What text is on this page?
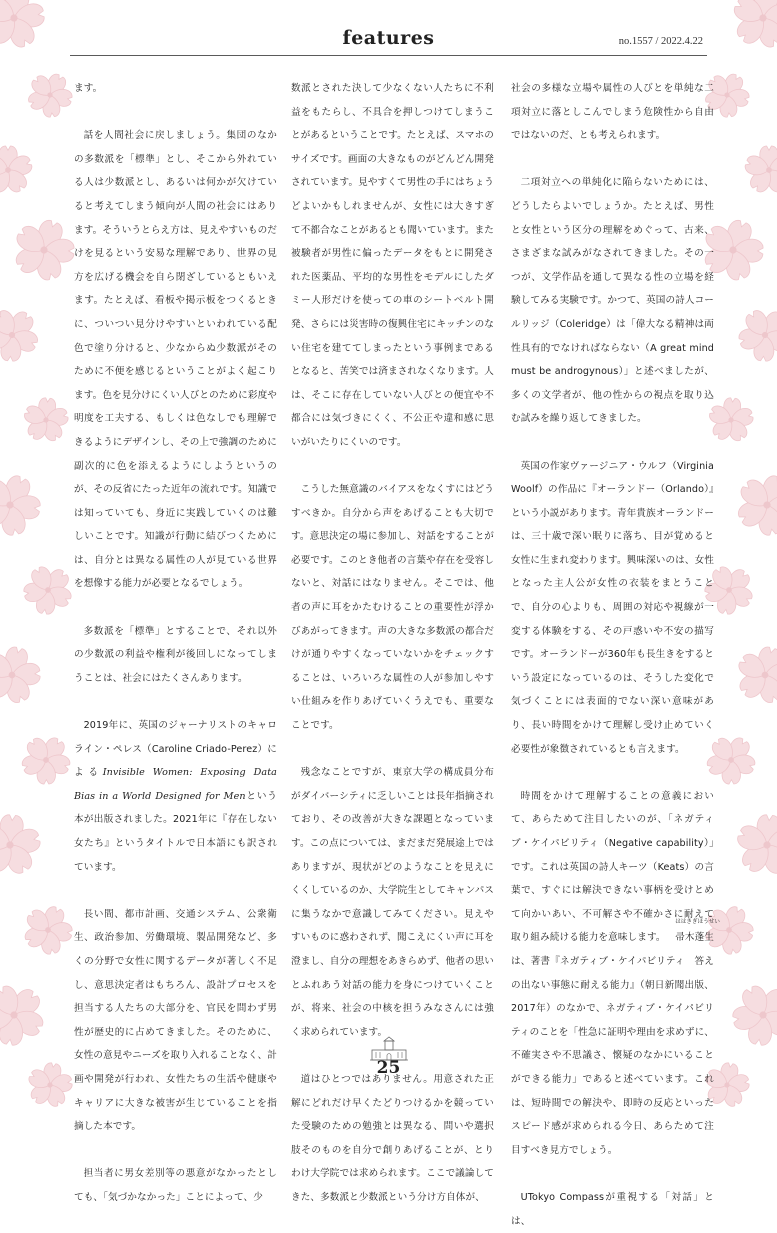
features	no.1557 / 2022.4.22

ます。

話を人間社会に戻しましょう。集団のなかの多数派を「標準」とし、そこから外れている人は少数派とし、あるいは何かが欠けていると考えてしまう傾向が人間の社会にはあります。そういうとらえ方は、見えやすいものだけを見るという安易な理解であり、世界の見方を広げる機会を自ら閉ざしているともいえます。たとえば、看板や掲示板をつくるときに、ついつい見分けやすいといわれている配色で塗り分けると、少なからぬ少数派がそのために不便を感じるということがよく起こります。色を見分けにくい人びとのために彩度や明度を工夫する、もしくは色なしでも理解できるようにデザインし、その上で強調のために副次的に色を添えるようにしようというのが、その反省にたった近年の流れです。知識では知っていても、身近に実践していくのは難しいことです。知識が行動に結びつくためには、自分とは異なる属性の人が見ている世界を想像する能力が必要となるでしょう。

多数派を「標準」とすることで、それ以外の少数派の利益や権利が後回しになってしまうことは、社会にはたくさんあります。

2019年に、英国のジャーナリストのキャロライン・ペレス（Caroline Criado-Perez）によるInvisible Women: Exposing Data Bias in a World Designed for Menという本が出版されました。2021年に『存在しない女たち』というタイトルで日本語にも訳されています。

長い間、都市計画、交通システム、公衆衛生、政治参加、労働環境、製品開発など、多くの分野で女性に関するデータが著しく不足し、意思決定者はもちろん、設計プロセスを担当する人たちの大部分を、官民を問わず男性が歴史的に占めてきました。そのために、女性の意見やニーズを取り入れることなく、計画や開発が行われ、女性たちの生活や健康やキャリアに大きな被害が生じていることを指摘した本です。

担当者に男女差別等の悪意がなかったとしても、「気づかなかった」ことによって、少

数派とされた決して少なくない人たちに不利益をもたらし、不具合を押しつけてしまうことがあるということです。たとえば、スマホのサイズです。画面の大きなものがどんどん開発されています。見やすくて男性の手にはちょうどよいかもしれませんが、女性には大きすぎて不都合なことがあるとも聞いています。また被験者が男性に偏ったデータをもとに開発された医薬品、平均的な男性をモデルにしたダミー人形だけを使っての車のシートベルト開発、さらには災害時の復興住宅にキッチンのない住宅を建ててしまったという事例まであるとなると、苦笑では済まされなくなります。人は、そこに存在していない人びとの便宜や不都合には気づきにくく、不公正や違和感に思いがいたりにくいのです。

こうした無意識のバイアスをなくすにはどうすべきか。自分から声をあげることも大切です。意思決定の場に参加し、対話をすることが必要です。このとき他者の言葉や存在を受容しないと、対話にはなりません。そこでは、他者の声に耳をかたむけることの重要性が浮かびあがってきます。声の大きな多数派の都合だけが通りやすくなっていないかをチェックすることは、いろいろな属性の人が参加しやすい仕組みを作りあげていくうえでも、重要なことです。

残念なことですが、東京大学の構成員分布がダイバーシティに乏しいことは長年指摘されており、その改善が大きな課題となっています。この点については、まだまだ発展途上ではありますが、現状がどのようなことを見えにくくしているのか、大学院生としてキャンパスに集うなかで意識してみてください。見えやすいものに惑わされず、聞こえにくい声に耳を澄まし、自分の理想をあきらめず、他者の思いとふれあう対話の能力を身につけていくことが、将来、社会の中核を担うみなさんには強く求められています。

道はひとつではありません。用意された正解にどれだけ早くたどりつけるかを競っていた受験のための勉強とは異なる、問いや選択肢そのものを自分で創りあげることが、とりわけ大学院では求められます。ここで議論してきた、多数派と少数派という分け方自体が、

社会の多様な立場や属性の人びとを単純な二項対立に落としこんでしまう危険性から自由ではないのだ、とも考えられます。

二項対立への単純化に陥らないためには、どうしたらよいでしょうか。たとえば、男性と女性という区分の理解をめぐって、古来、さまざまな試みがなされてきました。その一つが、文学作品を通して異なる性の立場を経験してみる実験です。かつて、英国の詩人コールリッジ（Coleridge）は「偉大なる精神は両性具有的でなければならない（A great mind must be androgynous）」と述べましたが、多くの文学者が、他の性からの視点を取り込む試みを繰り返してきました。

英国の作家ヴァージニア・ウルフ（Virginia Woolf）の作品に『オーランドー（Orlando）』という小説があります。青年貴族オーランドーは、三十歳で深い眠りに落ち、目が覚めると女性に生まれ変わります。興味深いのは、女性となった主人公が女性の衣装をまとうことで、自分の心よりも、周囲の対応や視線が一変する体験をする、その戸惑いや不安の描写です。オーランドーが360年も長生きをするという設定になっているのは、そうした変化で気づくことには表面的でない深い意味があり、長い時間をかけて理解し受け止めていく必要性が象徴されているとも言えます。

時間をかけて理解することの意義において、あらためて注目したいのが、「ネガティブ・ケイパビリティ（Negative capability）」です。これは英国の詩人キーツ（Keats）の言葉で、すぐには解決できない事柄を受けとめて向かいあい、不可解さや不確かさに耐えて取り組み続ける能力を意味します。 帚木蓬生
ははきぎほうせい
は、著書『ネガティブ・ケイパビリティ　答えの出ない事態に耐える能力』（朝日新聞出版、2017年）のなかで、ネガティブ・ケイパビリティのことを「性急に証明や理由を求めずに、不確実さや不思議さ、懐疑のなかにいることができる能力」であると述べています。これは、短時間での解決や、即時の反応といったスピード感が求められる今日、あらためて注目すべき見方でしょう。

UTokyo Compassが重視する「対話」とは、

25
